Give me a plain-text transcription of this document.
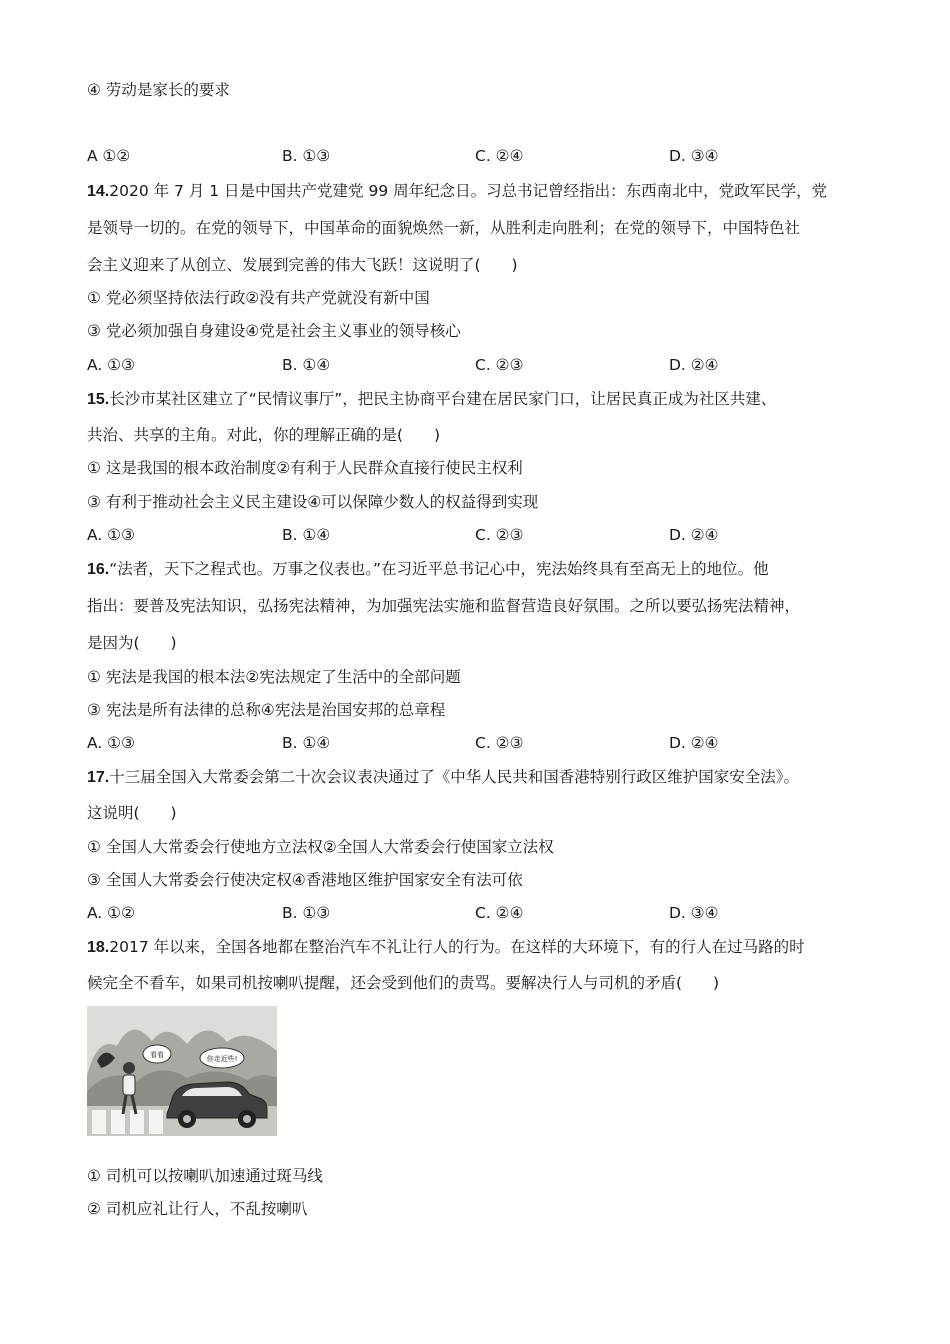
④ 劳动是家长的要求
A ①②	B. ①③	C. ②④	D. ③④
14.2020 年 7 月 1 日是中国共产党建党 99 周年纪念日。习总书记曾经指出：东西南北中，党政军民学，党
是领导一切的。在党的领导下，中国革命的面貌焕然一新，从胜利走向胜利；在党的领导下，中国特色社
会主义迎来了从创立、发展到完善的伟大飞跃！这说明了(　　)
① 党必须坚持依法行政②没有共产党就没有新中国
③ 党必须加强自身建设④党是社会主义事业的领导核心
A. ①③	B. ①④	C. ②③	D. ②④
15.长沙市某社区建立了“民情议事厅”，把民主协商平台建在居民家门口，让居民真正成为社区共建、
共治、共享的主角。对此，你的理解正确的是(　　)
① 这是我国的根本政治制度②有利于人民群众直接行使民主权利
③ 有利于推动社会主义民主建设④可以保障少数人的权益得到实现
A. ①③	B. ①④	C. ②③	D. ②④
16.“法者，天下之程式也。万事之仪表也。”在习近平总书记心中，宪法始终具有至高无上的地位。他
指出：要普及宪法知识，弘扬宪法精神，为加强宪法实施和监督营造良好氛围。之所以要弘扬宪法精神，
是因为(　　)
① 宪法是我国的根本法②宪法规定了生活中的全部问题
③ 宪法是所有法律的总称④宪法是治国安邦的总章程
A. ①③	B. ①④	C. ②③	D. ②④
17.十三届全国入大常委会第二十次会议表决通过了《中华人民共和国香港特别行政区维护国家安全法》。
这说明(　　)
① 全国人大常委会行使地方立法权②全国人大常委会行使国家立法权
③ 全国人大常委会行使决定权④香港地区维护国家安全有法可依
A. ①②	B. ①③	C. ②④	D. ③④
18.2017 年以来，全国各地都在整治汽车不礼让行人的行为。在这样的大环境下，有的行人在过马路的时
候完全不看车，如果司机按喇叭提醒，还会受到他们的责骂。要解决行人与司机的矛盾(　　)
看看	你走近些!
① 司机可以按喇叭加速通过斑马线
② 司机应礼让行人，不乱按喇叭
